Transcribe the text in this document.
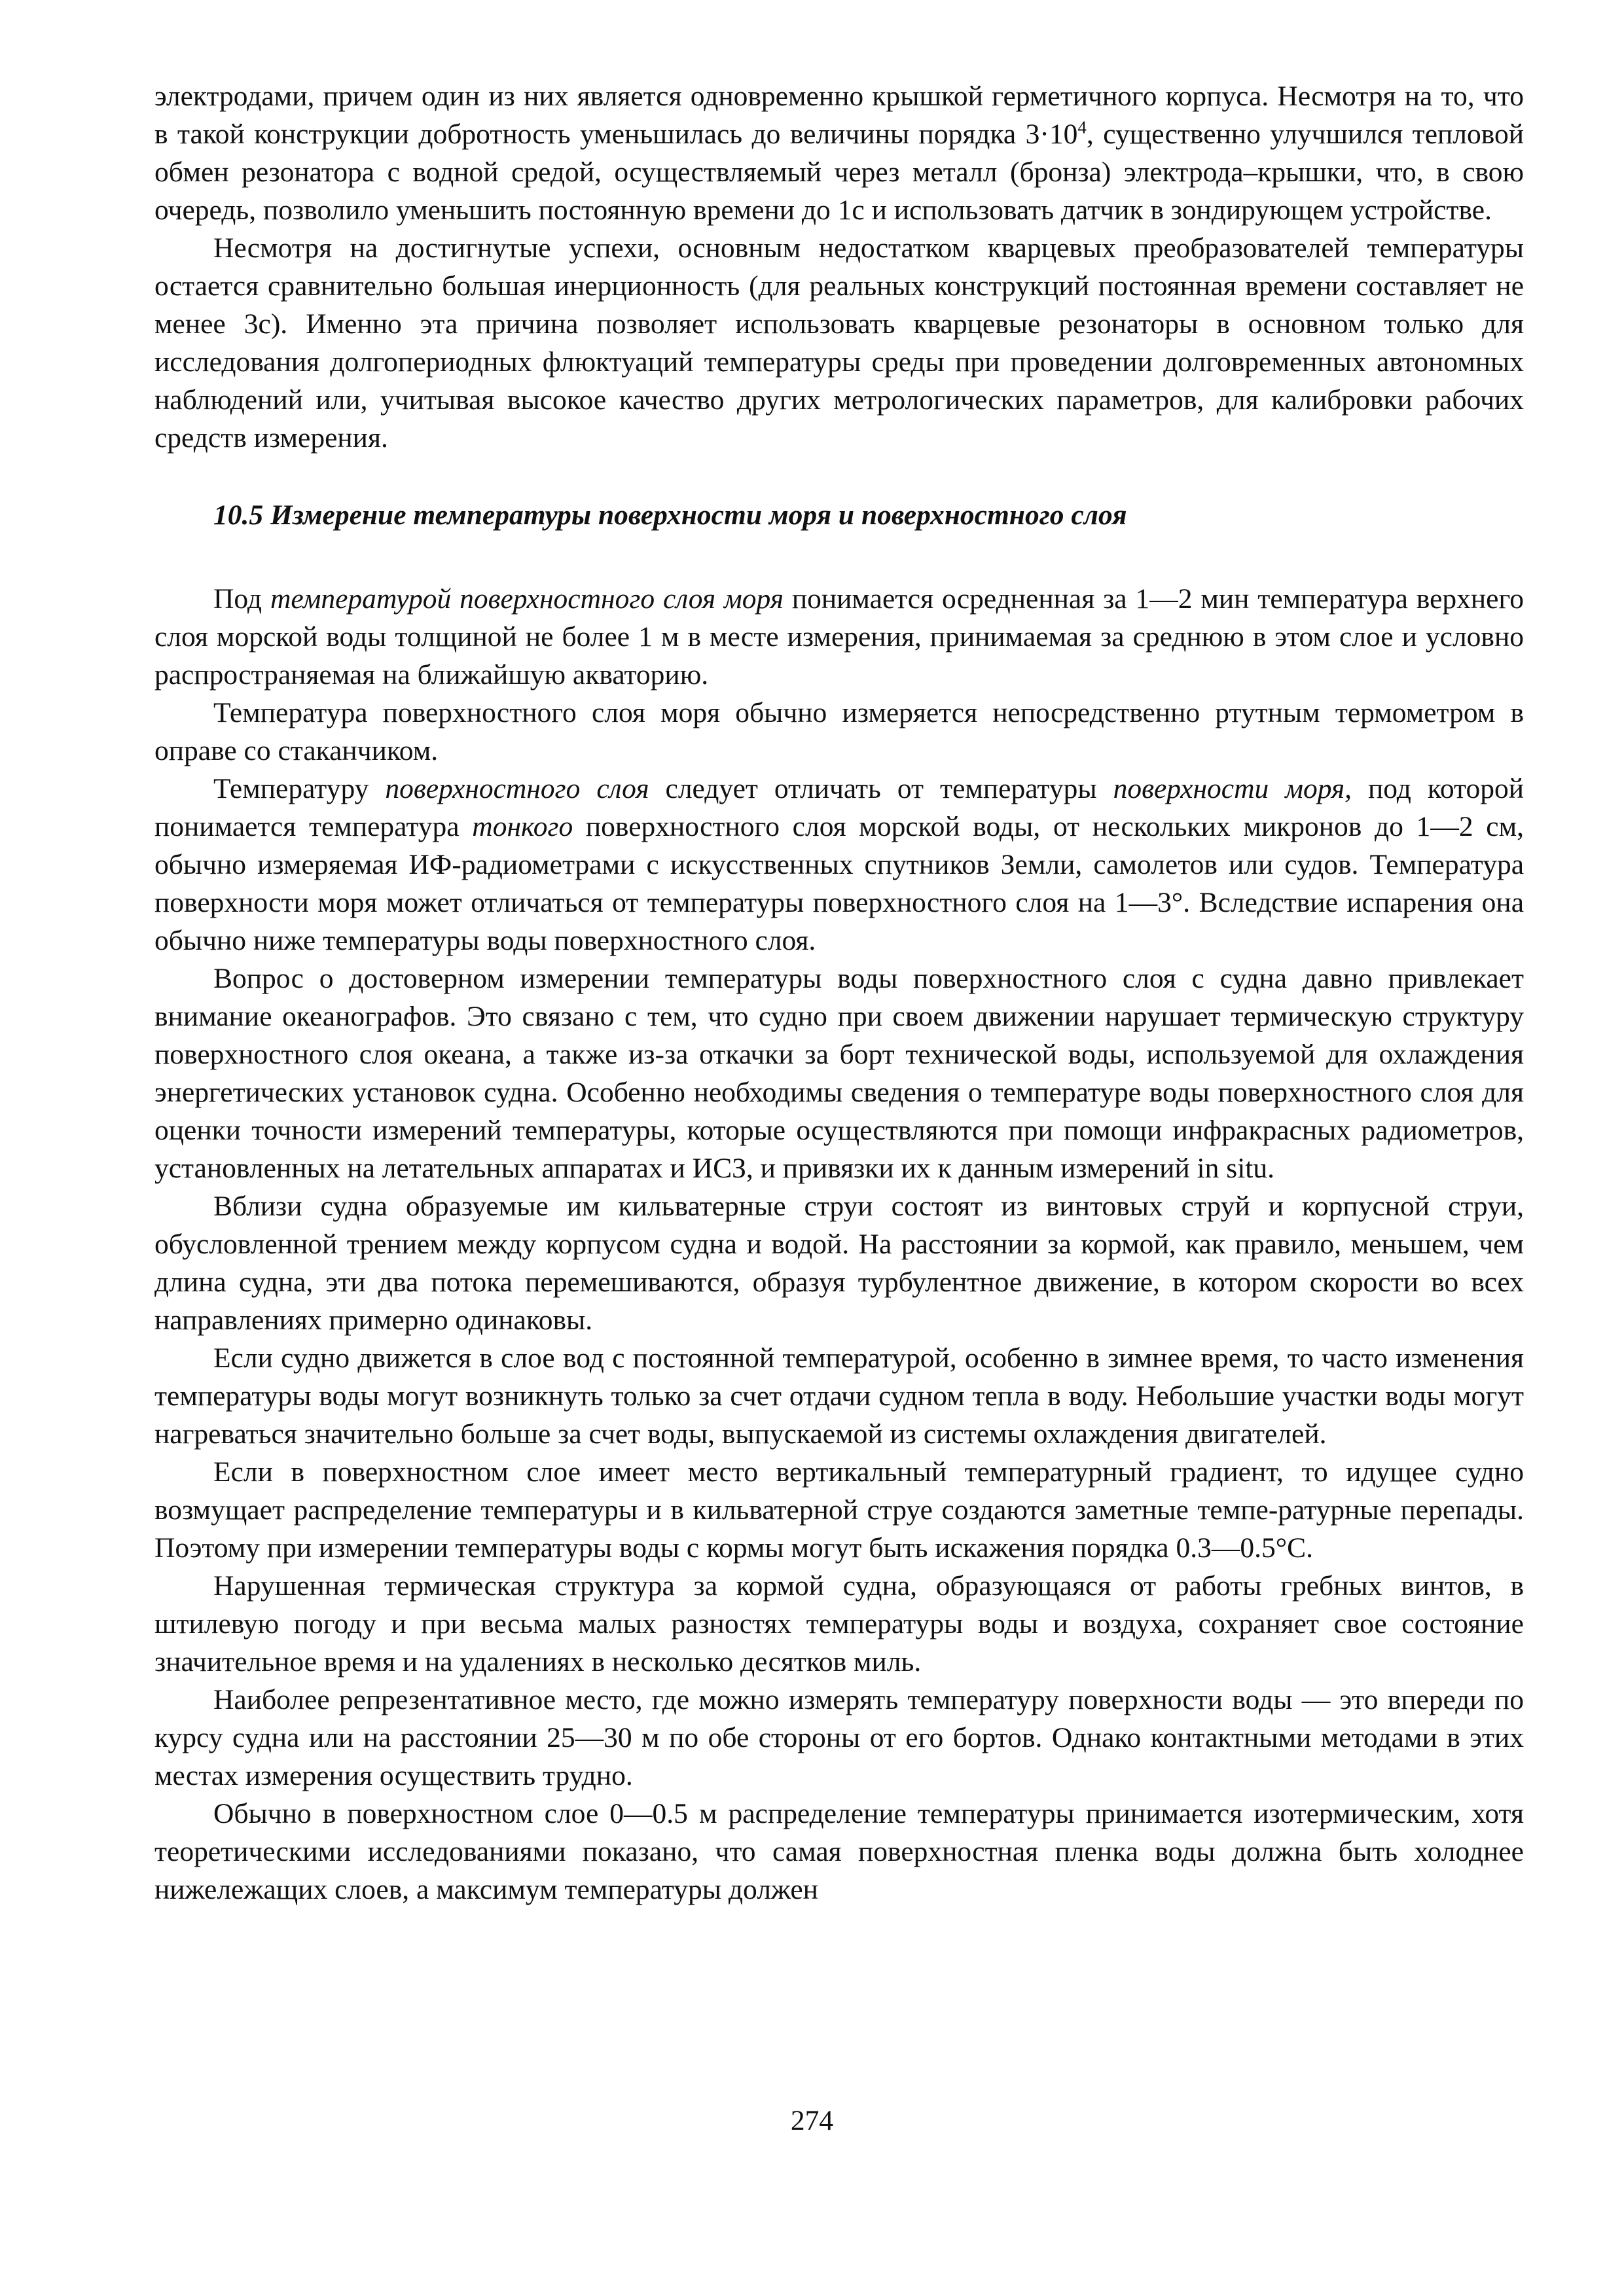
электродами, причем один из них является одновременно крышкой герметичного корпуса. Несмотря на то, что в такой конструкции добротность уменьшилась до величины порядка $3\cdot 10^4$, существенно улучшился тепловой обмен резонатора с водной средой, осуществляемый через металл (бронза) электрода–крышки, что, в свою очередь, позволило уменьшить постоянную времени до 1с и использовать датчик в зондирующем устройстве.

Несмотря на достигнутые успехи, основным недостатком кварцевых преобразователей температуры остается сравнительно большая инерционность (для реальных конструкций постоянная времени составляет не менее 3с). Именно эта причина позволяет использовать кварцевые резонаторы в основном только для исследования долгопериодных флюктуаций температуры среды при проведении долговременных автономных наблюдений или, учитывая высокое качество других метрологических параметров, для калибровки рабочих средств измерения.

10.5 Измерение температуры поверхности моря и поверхностного слоя

Под температурой поверхностного слоя моря понимается осредненная за 1—2 мин температура верхнего слоя морской воды толщиной не более 1 м в месте измерения, принимаемая за среднюю в этом слое и условно распространяемая на ближайшую акваторию.

Температура поверхностного слоя моря обычно измеряется непосредственно ртутным термометром в оправе со стаканчиком.

Температуру поверхностного слоя следует отличать от температуры поверхности моря, под которой понимается температура тонкого поверхностного слоя морской воды, от нескольких микронов до 1—2 см, обычно измеряемая ИФ-радиометрами с искусственных спутников Земли, самолетов или судов. Температура поверхности моря может отличаться от температуры поверхностного слоя на 1—3°. Вследствие испарения она обычно ниже температуры воды поверхностного слоя.

Вопрос о достоверном измерении температуры воды поверхностного слоя с судна давно привлекает внимание океанографов. Это связано с тем, что судно при своем движении нарушает термическую структуру поверхностного слоя океана, а также из-за откачки за борт технической воды, используемой для охлаждения энергетических установок судна. Особенно необходимы сведения о температуре воды поверхностного слоя для оценки точности измерений температуры, которые осуществляются при помощи инфракрасных радиометров, установленных на летательных аппаратах и ИСЗ, и привязки их к данным измерений in situ.

Вблизи судна образуемые им кильватерные струи состоят из винтовых струй и корпусной струи, обусловленной трением между корпусом судна и водой. На расстоянии за кормой, как правило, меньшем, чем длина судна, эти два потока перемешиваются, образуя турбулентное движение, в котором скорости во всех направлениях примерно одинаковы.

Если судно движется в слое вод с постоянной температурой, особенно в зимнее время, то часто изменения температуры воды могут возникнуть только за счет отдачи судном тепла в воду. Небольшие участки воды могут нагреваться значительно больше за счет воды, выпускаемой из системы охлаждения двигателей.

Если в поверхностном слое имеет место вертикальный температурный градиент, то идущее судно возмущает распределение температуры и в кильватерной струе создаются заметные темпе-ратурные перепады. Поэтому при измерении температуры воды с кормы могут быть искажения порядка 0.3—0.5°С.

Нарушенная термическая структура за кормой судна, образующаяся от работы гребных винтов, в штилевую погоду и при весьма малых разностях температуры воды и воздуха, сохраняет свое состояние значительное время и на удалениях в несколько десятков миль.

Наиболее репрезентативное место, где можно измерять температуру поверхности воды — это впереди по курсу судна или на расстоянии 25—30 м по обе стороны от его бортов. Однако контактными методами в этих местах измерения осуществить трудно.

Обычно в поверхностном слое 0—0.5 м распределение температуры принимается изотермическим, хотя теоретическими исследованиями показано, что самая поверхностная пленка воды должна быть холоднее нижележащих слоев, а максимум температуры должен

274
